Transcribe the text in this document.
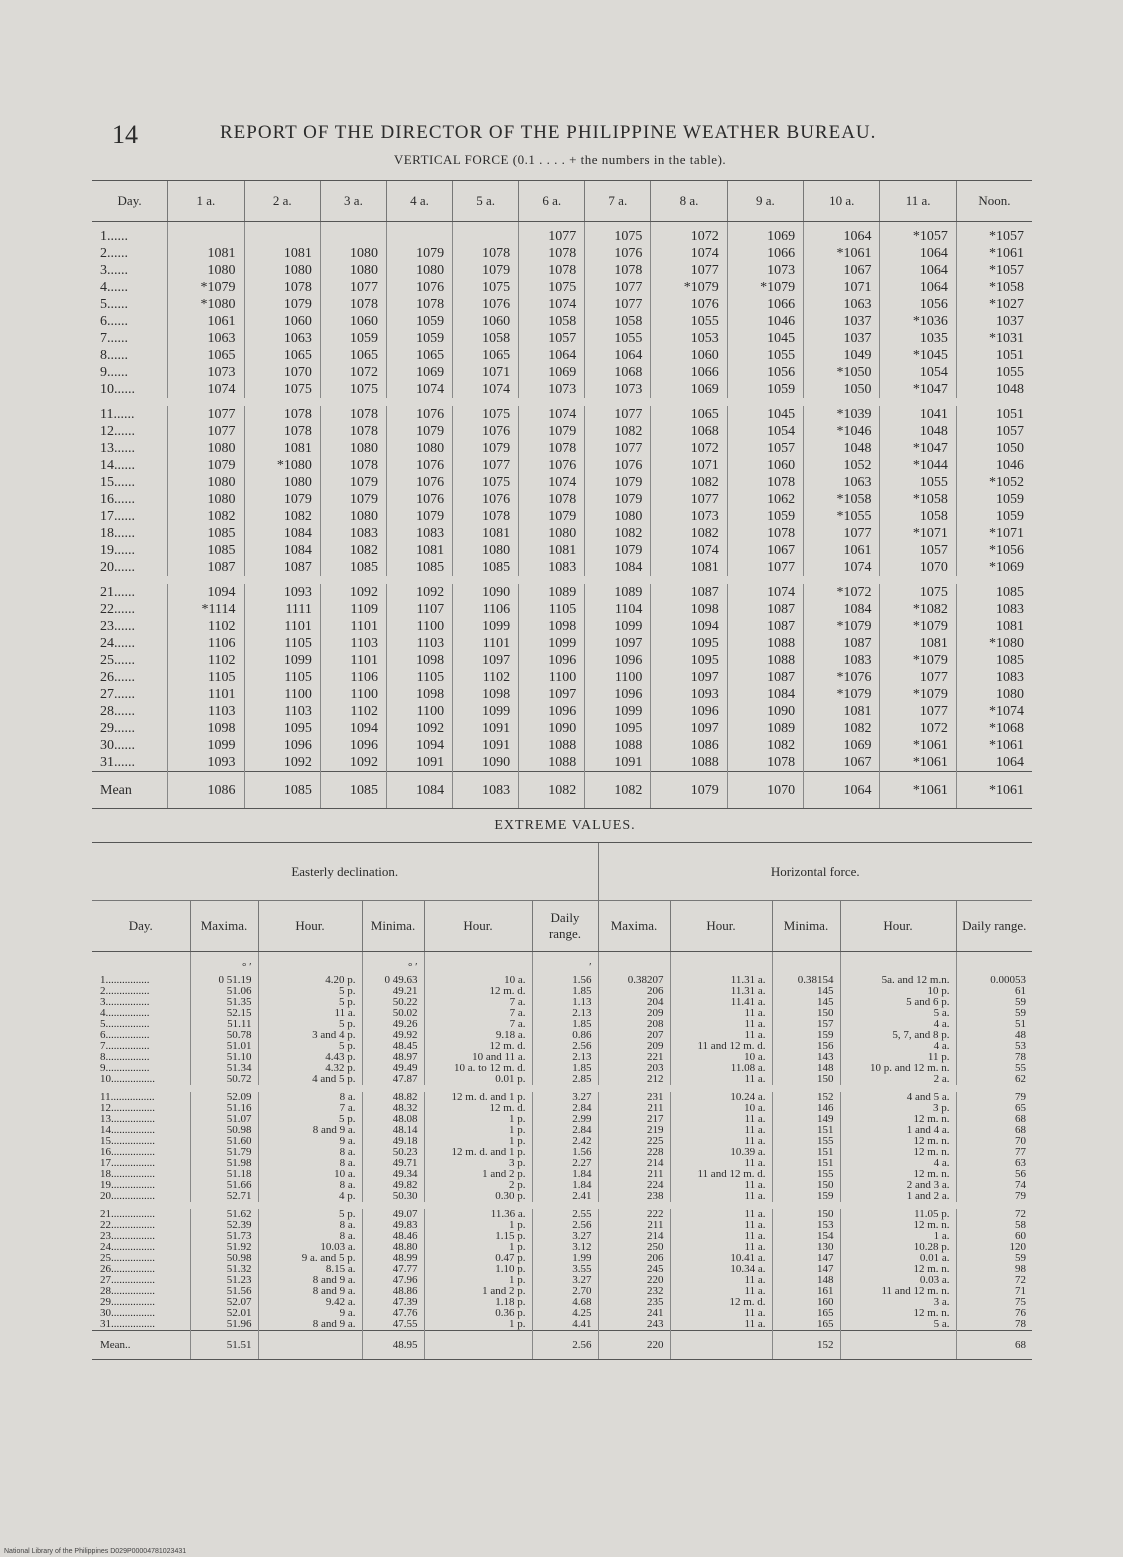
14	REPORT OF THE DIRECTOR OF THE PHILIPPINE WEATHER BUREAU.
VERTICAL FORCE (0.1 . . . . + the numbers in the table).
Day.	1 a.	2 a.	3 a.	4 a.	5 a.	6 a.	7 a.	8 a.	9 a.	10 a.	11 a.	Noon.
1......						1077	1075	1072	1069	1064	*1057	*1057
2......	1081	1081	1080	1079	1078	1078	1076	1074	1066	*1061	1064	*1061
3......	1080	1080	1080	1080	1079	1078	1078	1077	1073	1067	1064	*1057
4......	*1079	1078	1077	1076	1075	1075	1077	*1079	*1079	1071	1064	*1058
5......	*1080	1079	1078	1078	1076	1074	1077	1076	1066	1063	1056	*1027
6......	1061	1060	1060	1059	1060	1058	1058	1055	1046	1037	*1036	1037
7......	1063	1063	1059	1059	1058	1057	1055	1053	1045	1037	1035	*1031
8......	1065	1065	1065	1065	1065	1064	1064	1060	1055	1049	*1045	1051
9......	1073	1070	1072	1069	1071	1069	1068	1066	1056	*1050	1054	1055
10......	1074	1075	1075	1074	1074	1073	1073	1069	1059	1050	*1047	1048

11......	1077	1078	1078	1076	1075	1074	1077	1065	1045	*1039	1041	1051
12......	1077	1078	1078	1079	1076	1079	1082	1068	1054	*1046	1048	1057
13......	1080	1081	1080	1080	1079	1078	1077	1072	1057	1048	*1047	1050
14......	1079	*1080	1078	1076	1077	1076	1076	1071	1060	1052	*1044	1046
15......	1080	1080	1079	1076	1075	1074	1079	1082	1078	1063	1055	*1052
16......	1080	1079	1079	1076	1076	1078	1079	1077	1062	*1058	*1058	1059
17......	1082	1082	1080	1079	1078	1079	1080	1073	1059	*1055	1058	1059
18......	1085	1084	1083	1083	1081	1080	1082	1082	1078	1077	*1071	*1071
19......	1085	1084	1082	1081	1080	1081	1079	1074	1067	1061	1057	*1056
20......	1087	1087	1085	1085	1085	1083	1084	1081	1077	1074	1070	*1069

21......	1094	1093	1092	1092	1090	1089	1089	1087	1074	*1072	1075	1085
22......	*1114	1111	1109	1107	1106	1105	1104	1098	1087	1084	*1082	1083
23......	1102	1101	1101	1100	1099	1098	1099	1094	1087	*1079	*1079	1081
24......	1106	1105	1103	1103	1101	1099	1097	1095	1088	1087	1081	*1080
25......	1102	1099	1101	1098	1097	1096	1096	1095	1088	1083	*1079	1085
26......	1105	1105	1106	1105	1102	1100	1100	1097	1087	*1076	1077	1083
27......	1101	1100	1100	1098	1098	1097	1096	1093	1084	*1079	*1079	1080
28......	1103	1103	1102	1100	1099	1096	1099	1096	1090	1081	1077	*1074
29......	1098	1095	1094	1092	1091	1090	1095	1097	1089	1082	1072	*1068
30......	1099	1096	1096	1094	1091	1088	1088	1086	1082	1069	*1061	*1061
31......	1093	1092	1092	1091	1090	1088	1091	1088	1078	1067	*1061	1064
Mean	1086	1085	1085	1084	1083	1082	1082	1079	1070	1064	*1061	*1061
EXTREME VALUES.
Easterly declination.						Horizontal force.				
Day.	Maxima.	Hour.	Minima.	Hour.	Daily range.	Maxima.	Hour.	Minima.	Hour.	Daily range.
	° ′		° ′		′					
1................	0 51.19	4.20 p.	0 49.63	10 a.	1.56	0.38207	11.31 a.	0.38154	5a. and 12 m.n.	0.00053
2................	51.06	5 p.	49.21	12 m. d.	1.85	206	11.31 a.	145	10 p.	61
3................	51.35	5 p.	50.22	7 a.	1.13	204	11.41 a.	145	5 and 6 p.	59
4................	52.15	11 a.	50.02	7 a.	2.13	209	11 a.	150	5 a.	59
5................	51.11	5 p.	49.26	7 a.	1.85	208	11 a.	157	4 a.	51
6................	50.78	3 and 4 p.	49.92	9.18 a.	0.86	207	11 a.	159	5, 7, and 8 p.	48
7................	51.01	5 p.	48.45	12 m. d.	2.56	209	11 and 12 m. d.	156	4 a.	53
8................	51.10	4.43 p.	48.97	10 and 11 a.	2.13	221	10 a.	143	11 p.	78
9................	51.34	4.32 p.	49.49	10 a. to 12 m. d.	1.85	203	11.08 a.	148	10 p. and 12 m. n.	55
10................	50.72	4 and 5 p.	47.87	0.01 p.	2.85	212	11 a.	150	2 a.	62

11................	52.09	8 a.	48.82	12 m. d. and 1 p.	3.27	231	10.24 a.	152	4 and 5 a.	79
12................	51.16	7 a.	48.32	12 m. d.	2.84	211	10 a.	146	3 p.	65
13................	51.07	5 p.	48.08	1 p.	2.99	217	11 a.	149	12 m. n.	68
14................	50.98	8 and 9 a.	48.14	1 p.	2.84	219	11 a.	151	1 and 4 a.	68
15................	51.60	9 a.	49.18	1 p.	2.42	225	11 a.	155	12 m. n.	70
16................	51.79	8 a.	50.23	12 m. d. and 1 p.	1.56	228	10.39 a.	151	12 m. n.	77
17................	51.98	8 a.	49.71	3 p.	2.27	214	11 a.	151	4 a.	63
18................	51.18	10 a.	49.34	1 and 2 p.	1.84	211	11 and 12 m. d.	155	12 m. n.	56
19................	51.66	8 a.	49.82	2 p.	1.84	224	11 a.	150	2 and 3 a.	74
20................	52.71	4 p.	50.30	0.30 p.	2.41	238	11 a.	159	1 and 2 a.	79

21................	51.62	5 p.	49.07	11.36 a.	2.55	222	11 a.	150	11.05 p.	72
22................	52.39	8 a.	49.83	1 p.	2.56	211	11 a.	153	12 m. n.	58
23................	51.73	8 a.	48.46	1.15 p.	3.27	214	11 a.	154	1 a.	60
24................	51.92	10.03 a.	48.80	1 p.	3.12	250	11 a.	130	10.28 p.	120
25................	50.98	9 a. and 5 p.	48.99	0.47 p.	1.99	206	10.41 a.	147	0.01 a.	59
26................	51.32	8.15 a.	47.77	1.10 p.	3.55	245	10.34 a.	147	12 m. n.	98
27................	51.23	8 and 9 a.	47.96	1 p.	3.27	220	11 a.	148	0.03 a.	72
28................	51.56	8 and 9 a.	48.86	1 and 2 p.	2.70	232	11 a.	161	11 and 12 m. n.	71
29................	52.07	9.42 a.	47.39	1.18 p.	4.68	235	12 m. d.	160	3 a.	75
30................	52.01	9 a.	47.76	0.36 p.	4.25	241	11 a.	165	12 m. n.	76
31................	51.96	8 and 9 a.	47.55	1 p.	4.41	243	11 a.	165	5 a.	78
Mean..	51.51		48.95		2.56	220		152		68
National Library of the Philippines D029P00004781023431
